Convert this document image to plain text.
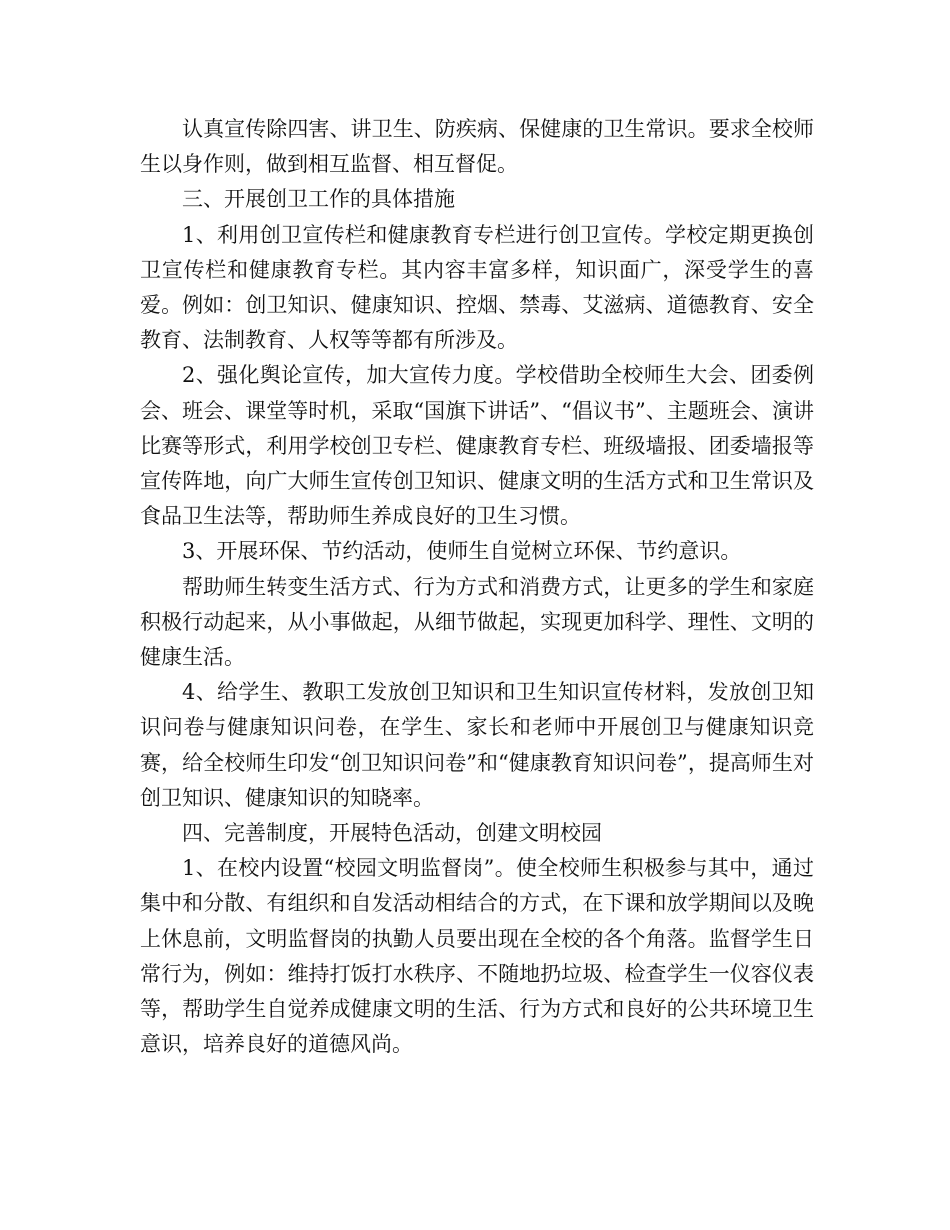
认真宣传除四害、讲卫生、防疾病、保健康的卫生常识。要求全校师生以身作则，做到相互监督、相互督促。

三、开展创卫工作的具体措施

1、利用创卫宣传栏和健康教育专栏进行创卫宣传。学校定期更换创卫宣传栏和健康教育专栏。其内容丰富多样，知识面广，深受学生的喜爱。例如：创卫知识、健康知识、控烟、禁毒、艾滋病、道德教育、安全教育、法制教育、人权等等都有所涉及。

2、强化舆论宣传，加大宣传力度。学校借助全校师生大会、团委例会、班会、课堂等时机，采取“国旗下讲话”、“倡议书”、主题班会、演讲比赛等形式，利用学校创卫专栏、健康教育专栏、班级墙报、团委墙报等宣传阵地，向广大师生宣传创卫知识、健康文明的生活方式和卫生常识及食品卫生法等，帮助师生养成良好的卫生习惯。

3、开展环保、节约活动，使师生自觉树立环保、节约意识。

帮助师生转变生活方式、行为方式和消费方式，让更多的学生和家庭积极行动起来，从小事做起，从细节做起，实现更加科学、理性、文明的健康生活。

4、给学生、教职工发放创卫知识和卫生知识宣传材料，发放创卫知识问卷与健康知识问卷，在学生、家长和老师中开展创卫与健康知识竞赛，给全校师生印发“创卫知识问卷”和“健康教育知识问卷”，提高师生对创卫知识、健康知识的知晓率。

四、完善制度，开展特色活动，创建文明校园

1、在校内设置“校园文明监督岗”。使全校师生积极参与其中，通过集中和分散、有组织和自发活动相结合的方式，在下课和放学期间以及晚上休息前，文明监督岗的执勤人员要出现在全校的各个角落。监督学生日常行为，例如：维持打饭打水秩序、不随地扔垃圾、检查学生一仪容仪表等，帮助学生自觉养成健康文明的生活、行为方式和良好的公共环境卫生意识，培养良好的道德风尚。
